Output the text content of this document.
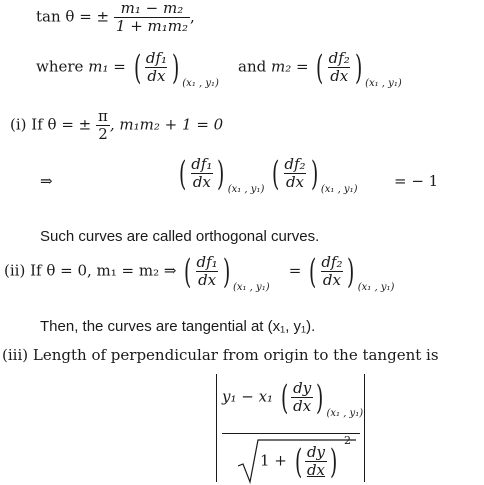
tan θ = ± $\frac{\text{m₁ − m₂}}{\text{1 + m₁m₂}}$ ,
where m₁ = ( $\frac{\text{df₁}}{dx}$ ) (x₁ , y₁)
and m₂ = ( $\frac{\text{df₂}}{dx}$ ) (x₁ , y₁)
(i) If θ = ± $\frac{\pi}{2}$ , m₁m₂ + 1 = 0
⇒	( $\frac{\text{df₁}}{dx}$ ) (x₁ , y₁)
( $\frac{\text{df₂}}{dx}$ ) (x₁ , y₁) = − 1
Such curves are called orthogonal curves.
(ii) If θ = 0, m₁ = m₂ ⇒ ( $\frac{\text{df₁}}{dx}$ ) (x₁ , y₁)
= ( $\frac{\text{df₂}}{dx}$ ) (x₁ , y₁)
Then, the curves are tangential at (x₁, y₁).
(iii) Length of perpendicular from origin to the tangent is
y₁ − x₁ ( $\frac{dy}{dx}$ ) (x₁ , y₁)
1 + ( $\frac{dy}{dx}$ )
2
